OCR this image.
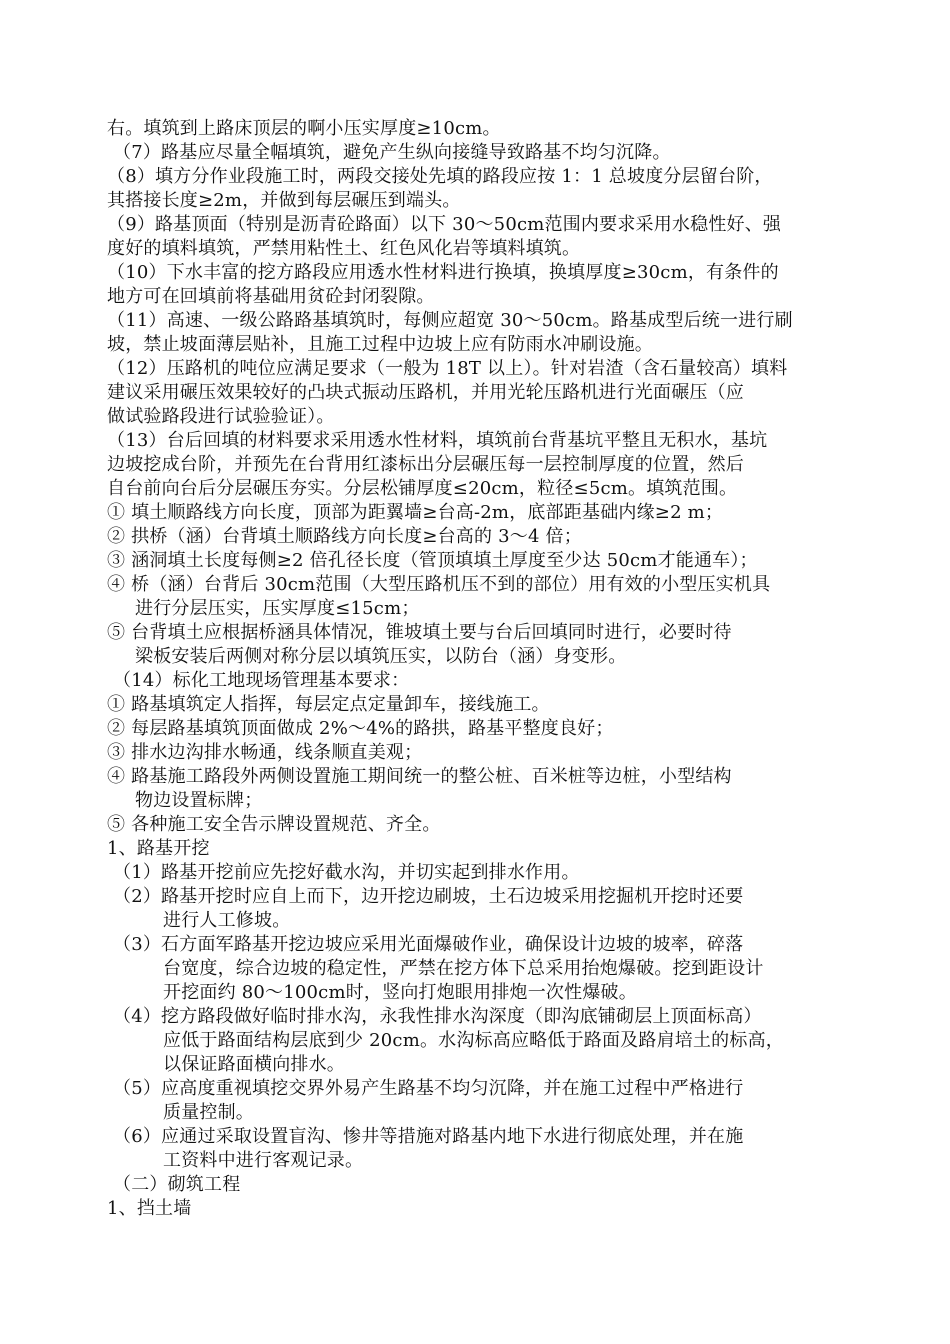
右。填筑到上路床顶层的啊小压实厚度≥10cm。
（7）路基应尽量全幅填筑，避免产生纵向接缝导致路基不均匀沉降。
（8）填方分作业段施工时，两段交接处先填的路段应按 1：1 总坡度分层留台阶，
其搭接长度≥2m，并做到每层碾压到端头。
（9）路基顶面（特别是沥青砼路面）以下 30～50cm范围内要求采用水稳性好、强
度好的填料填筑，严禁用粘性土、红色风化岩等填料填筑。
（10）下水丰富的挖方路段应用透水性材料进行换填，换填厚度≥30cm，有条件的
地方可在回填前将基础用贫砼封闭裂隙。
（11）高速、一级公路路基填筑时，每侧应超宽 30～50cm。路基成型后统一进行刷
坡，禁止坡面薄层贴补，且施工过程中边坡上应有防雨水冲刷设施。
（12）压路机的吨位应满足要求（一般为 18T 以上）。针对岩渣（含石量较高）填料
建议采用碾压效果较好的凸块式振动压路机，并用光轮压路机进行光面碾压（应
做试验路段进行试验验证）。
（13）台后回填的材料要求采用透水性材料，填筑前台背基坑平整且无积水，基坑
边坡挖成台阶，并预先在台背用红漆标出分层碾压每一层控制厚度的位置，然后
自台前向台后分层碾压夯实。分层松铺厚度≤20cm，粒径≤5cm。填筑范围。
① 填土顺路线方向长度，顶部为距翼墙≥台高-2m，底部距基础内缘≥2 m；
② 拱桥（涵）台背填土顺路线方向长度≥台高的 3～4 倍；
③ 涵洞填土长度每侧≥2 倍孔径长度（管顶填填土厚度至少达 50cm才能通车）；
④ 桥（涵）台背后 30cm范围（大型压路机压不到的部位）用有效的小型压实机具
进行分层压实，压实厚度≤15cm；
⑤ 台背填土应根据桥涵具体情况，锥坡填土要与台后回填同时进行，必要时待
梁板安装后两侧对称分层以填筑压实，以防台（涵）身变形。
（14）标化工地现场管理基本要求：
① 路基填筑定人指挥，每层定点定量卸车，接线施工。
② 每层路基填筑顶面做成 2%～4%的路拱，路基平整度良好；
③ 排水边沟排水畅通，线条顺直美观；
④ 路基施工路段外两侧设置施工期间统一的整公桩、百米桩等边桩，小型结构
物边设置标牌；
⑤ 各种施工安全告示牌设置规范、齐全。
1、路基开挖
（1）路基开挖前应先挖好截水沟，并切实起到排水作用。
（2）路基开挖时应自上而下，边开挖边刷坡，土石边坡采用挖掘机开挖时还要
进行人工修坡。
（3）石方面军路基开挖边坡应采用光面爆破作业，确保设计边坡的坡率，碎落
台宽度，综合边坡的稳定性，严禁在挖方体下总采用抬炮爆破。挖到距设计
开挖面约 80～100cm时，竖向打炮眼用排炮一次性爆破。
（4）挖方路段做好临时排水沟，永我性排水沟深度（即沟底铺砌层上顶面标高）
应低于路面结构层底到少 20cm。水沟标高应略低于路面及路肩培土的标高，
以保证路面横向排水。
（5）应高度重视填挖交界外易产生路基不均匀沉降，并在施工过程中严格进行
质量控制。
（6）应通过采取设置盲沟、惨井等措施对路基内地下水进行彻底处理，并在施
工资料中进行客观记录。
（二）砌筑工程
1、挡土墙
